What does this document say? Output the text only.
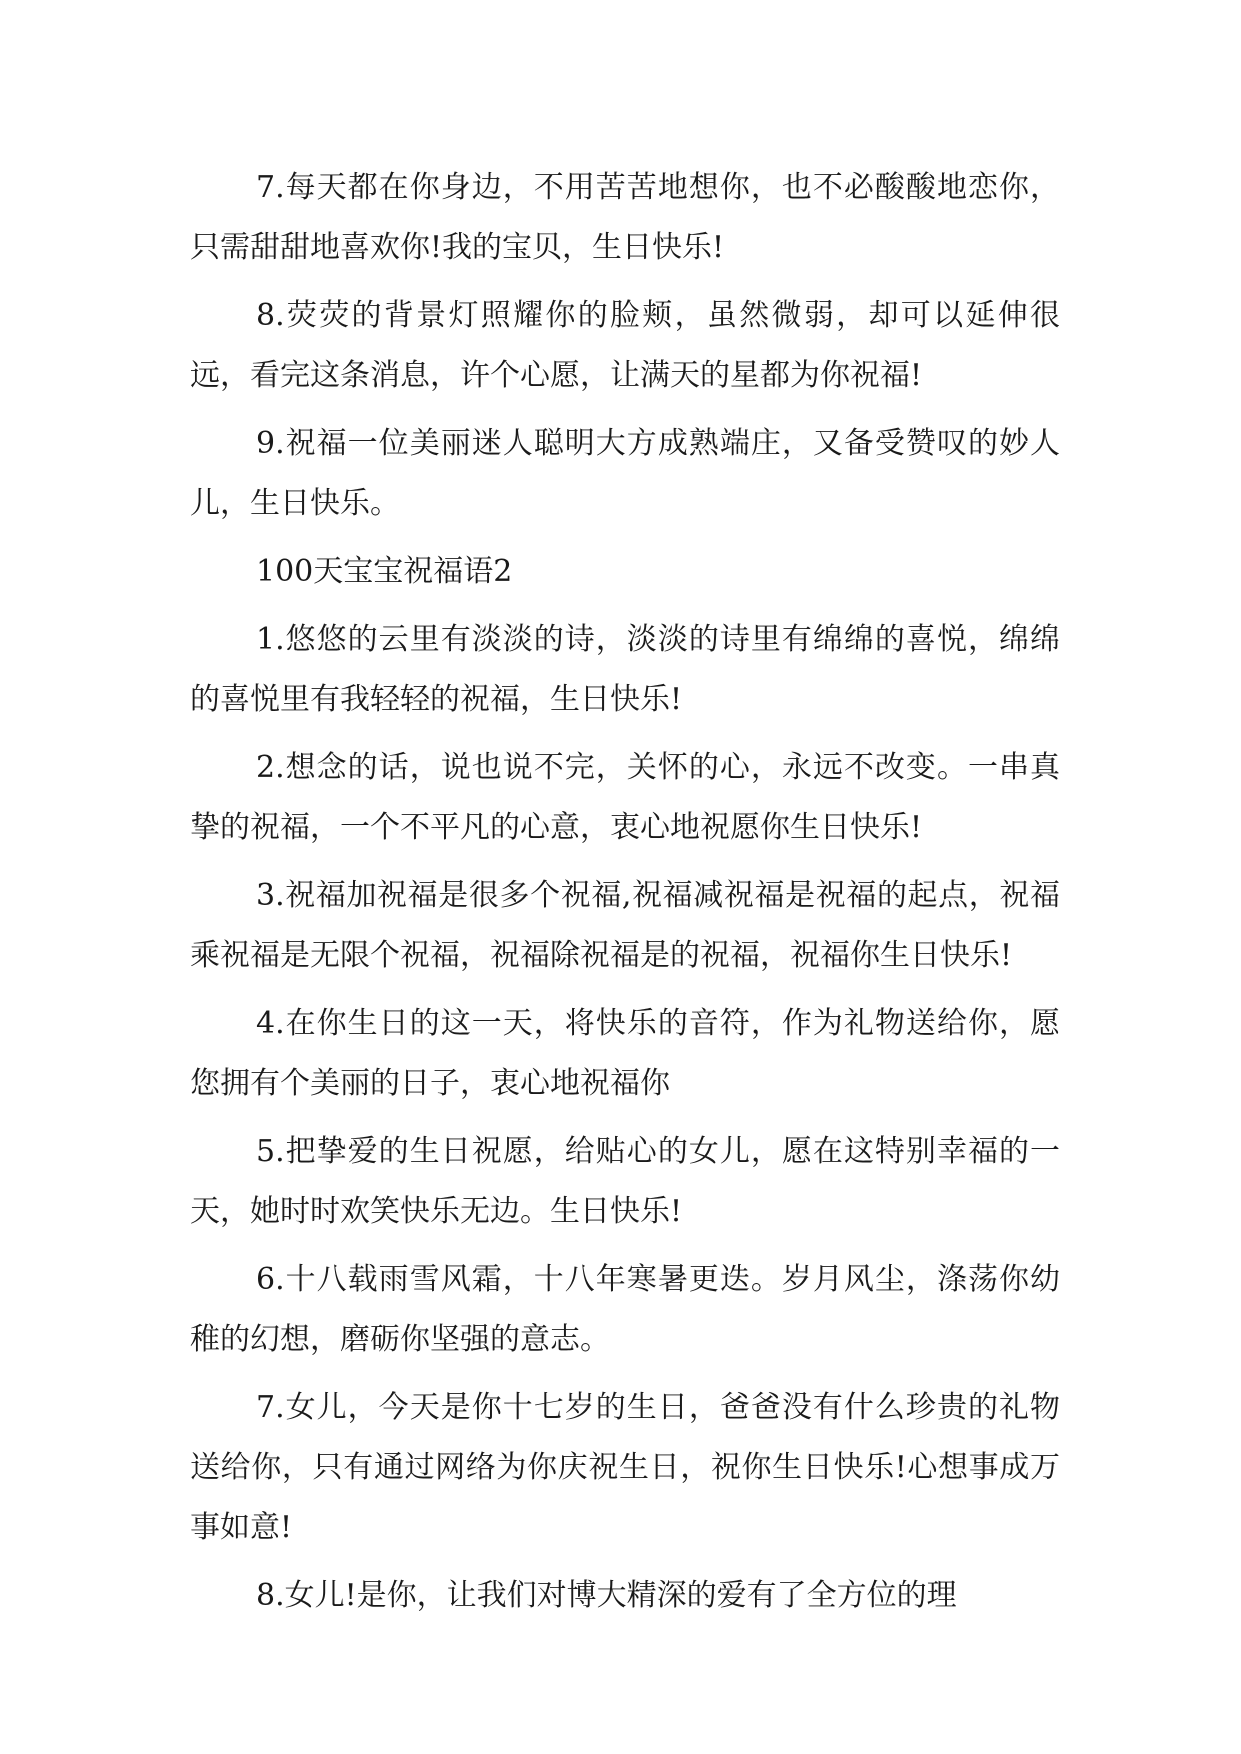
7.每天都在你身边，不用苦苦地想你，也不必酸酸地恋你，只需甜甜地喜欢你!我的宝贝，生日快乐!

8.荧荧的背景灯照耀你的脸颊，虽然微弱，却可以延伸很远，看完这条消息，许个心愿，让满天的星都为你祝福!

9.祝福一位美丽迷人聪明大方成熟端庄，又备受赞叹的妙人儿，生日快乐。

100天宝宝祝福语2

1.悠悠的云里有淡淡的诗，淡淡的诗里有绵绵的喜悦，绵绵的喜悦里有我轻轻的祝福，生日快乐!

2.想念的话，说也说不完，关怀的心，永远不改变。一串真挚的祝福，一个不平凡的心意，衷心地祝愿你生日快乐!

3.祝福加祝福是很多个祝福,祝福减祝福是祝福的起点，祝福乘祝福是无限个祝福，祝福除祝福是的祝福，祝福你生日快乐!

4.在你生日的这一天，将快乐的音符，作为礼物送给你，愿您拥有个美丽的日子，衷心地祝福你

5.把挚爱的生日祝愿，给贴心的女儿，愿在这特别幸福的一天，她时时欢笑快乐无边。生日快乐!

6.十八载雨雪风霜，十八年寒暑更迭。岁月风尘，涤荡你幼稚的幻想，磨砺你坚强的意志。

7.女儿，今天是你十七岁的生日，爸爸没有什么珍贵的礼物送给你，只有通过网络为你庆祝生日，祝你生日快乐!心想事成万事如意!

8.女儿!是你，让我们对博大精深的爱有了全方位的理
